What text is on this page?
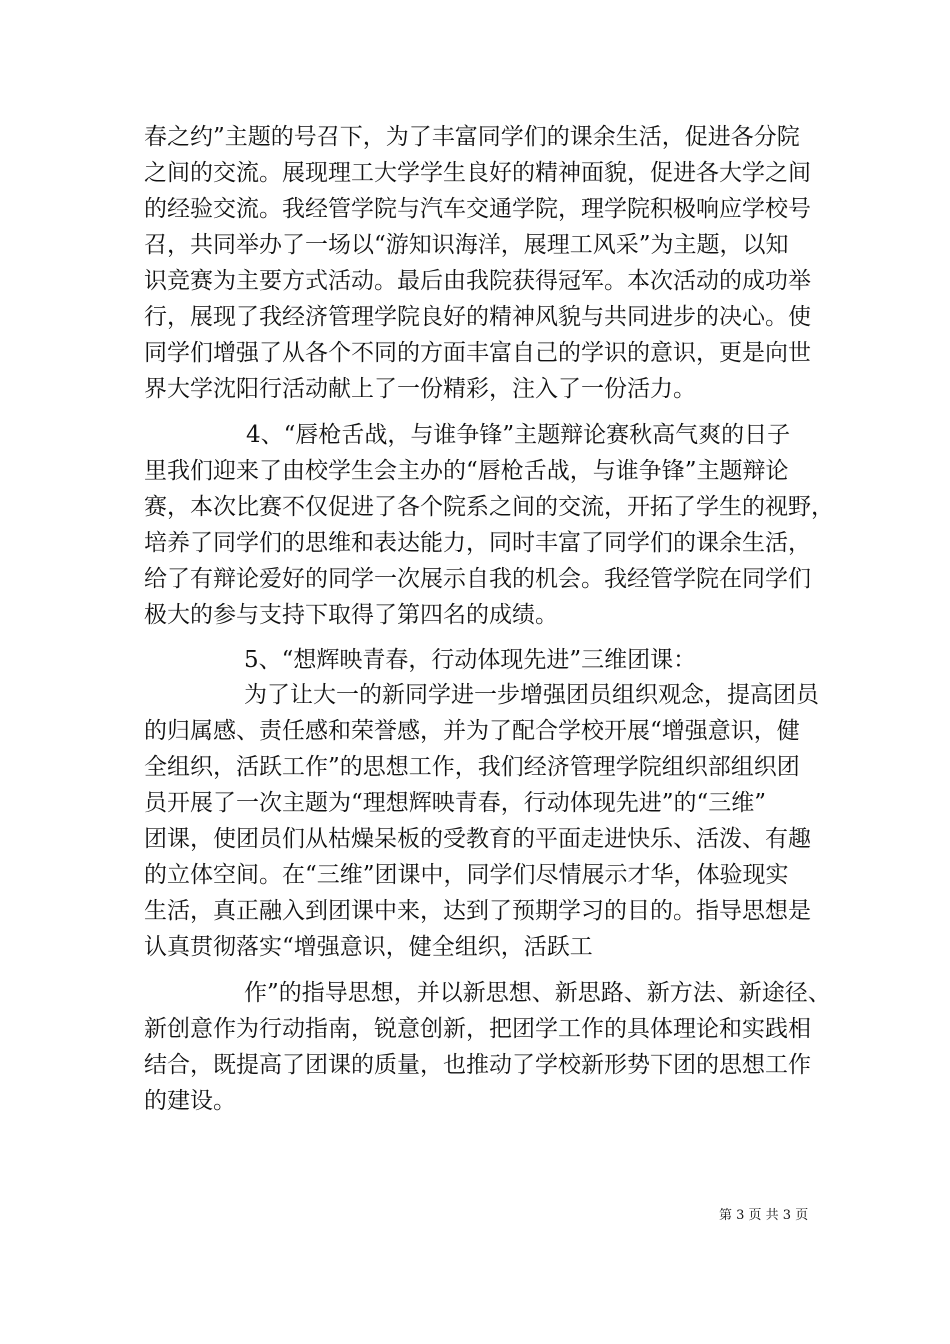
春之约”主题的号召下，为了丰富同学们的课余生活，促进各分院
之间的交流。展现理工大学学生良好的精神面貌，促进各大学之间
的经验交流。我经管学院与汽车交通学院，理学院积极响应学校号
召，共同举办了一场以“游知识海洋，展理工风采”为主题，以知
识竞赛为主要方式活动。最后由我院获得冠军。本次活动的成功举
行，展现了我经济管理学院良好的精神风貌与共同进步的决心。使
同学们增强了从各个不同的方面丰富自己的学识的意识，更是向世
界大学沈阳行活动献上了一份精彩，注入了一份活力。
4、“唇枪舌战，与谁争锋”主题辩论赛秋高气爽的日子
里我们迎来了由校学生会主办的“唇枪舌战，与谁争锋”主题辩论
赛，本次比赛不仅促进了各个院系之间的交流，开拓了学生的视野，
培养了同学们的思维和表达能力，同时丰富了同学们的课余生活，
给了有辩论爱好的同学一次展示自我的机会。我经管学院在同学们
极大的参与支持下取得了第四名的成绩。
5、“想辉映青春，行动体现先进”三维团课：
为了让大一的新同学进一步增强团员组织观念，提高团员
的归属感、责任感和荣誉感，并为了配合学校开展“增强意识，健
全组织，活跃工作”的思想工作，我们经济管理学院组织部组织团
员开展了一次主题为“理想辉映青春，行动体现先进”的“三维”
团课，使团员们从枯燥呆板的受教育的平面走进快乐、活泼、有趣
的立体空间。在“三维”团课中，同学们尽情展示才华，体验现实
生活，真正融入到团课中来，达到了预期学习的目的。指导思想是
认真贯彻落实“增强意识，健全组织，活跃工
作”的指导思想，并以新思想、新思路、新方法、新途径、
新创意作为行动指南，锐意创新，把团学工作的具体理论和实践相
结合，既提高了团课的质量，也推动了学校新形势下团的思想工作
的建设。
第 3 页 共 3 页
